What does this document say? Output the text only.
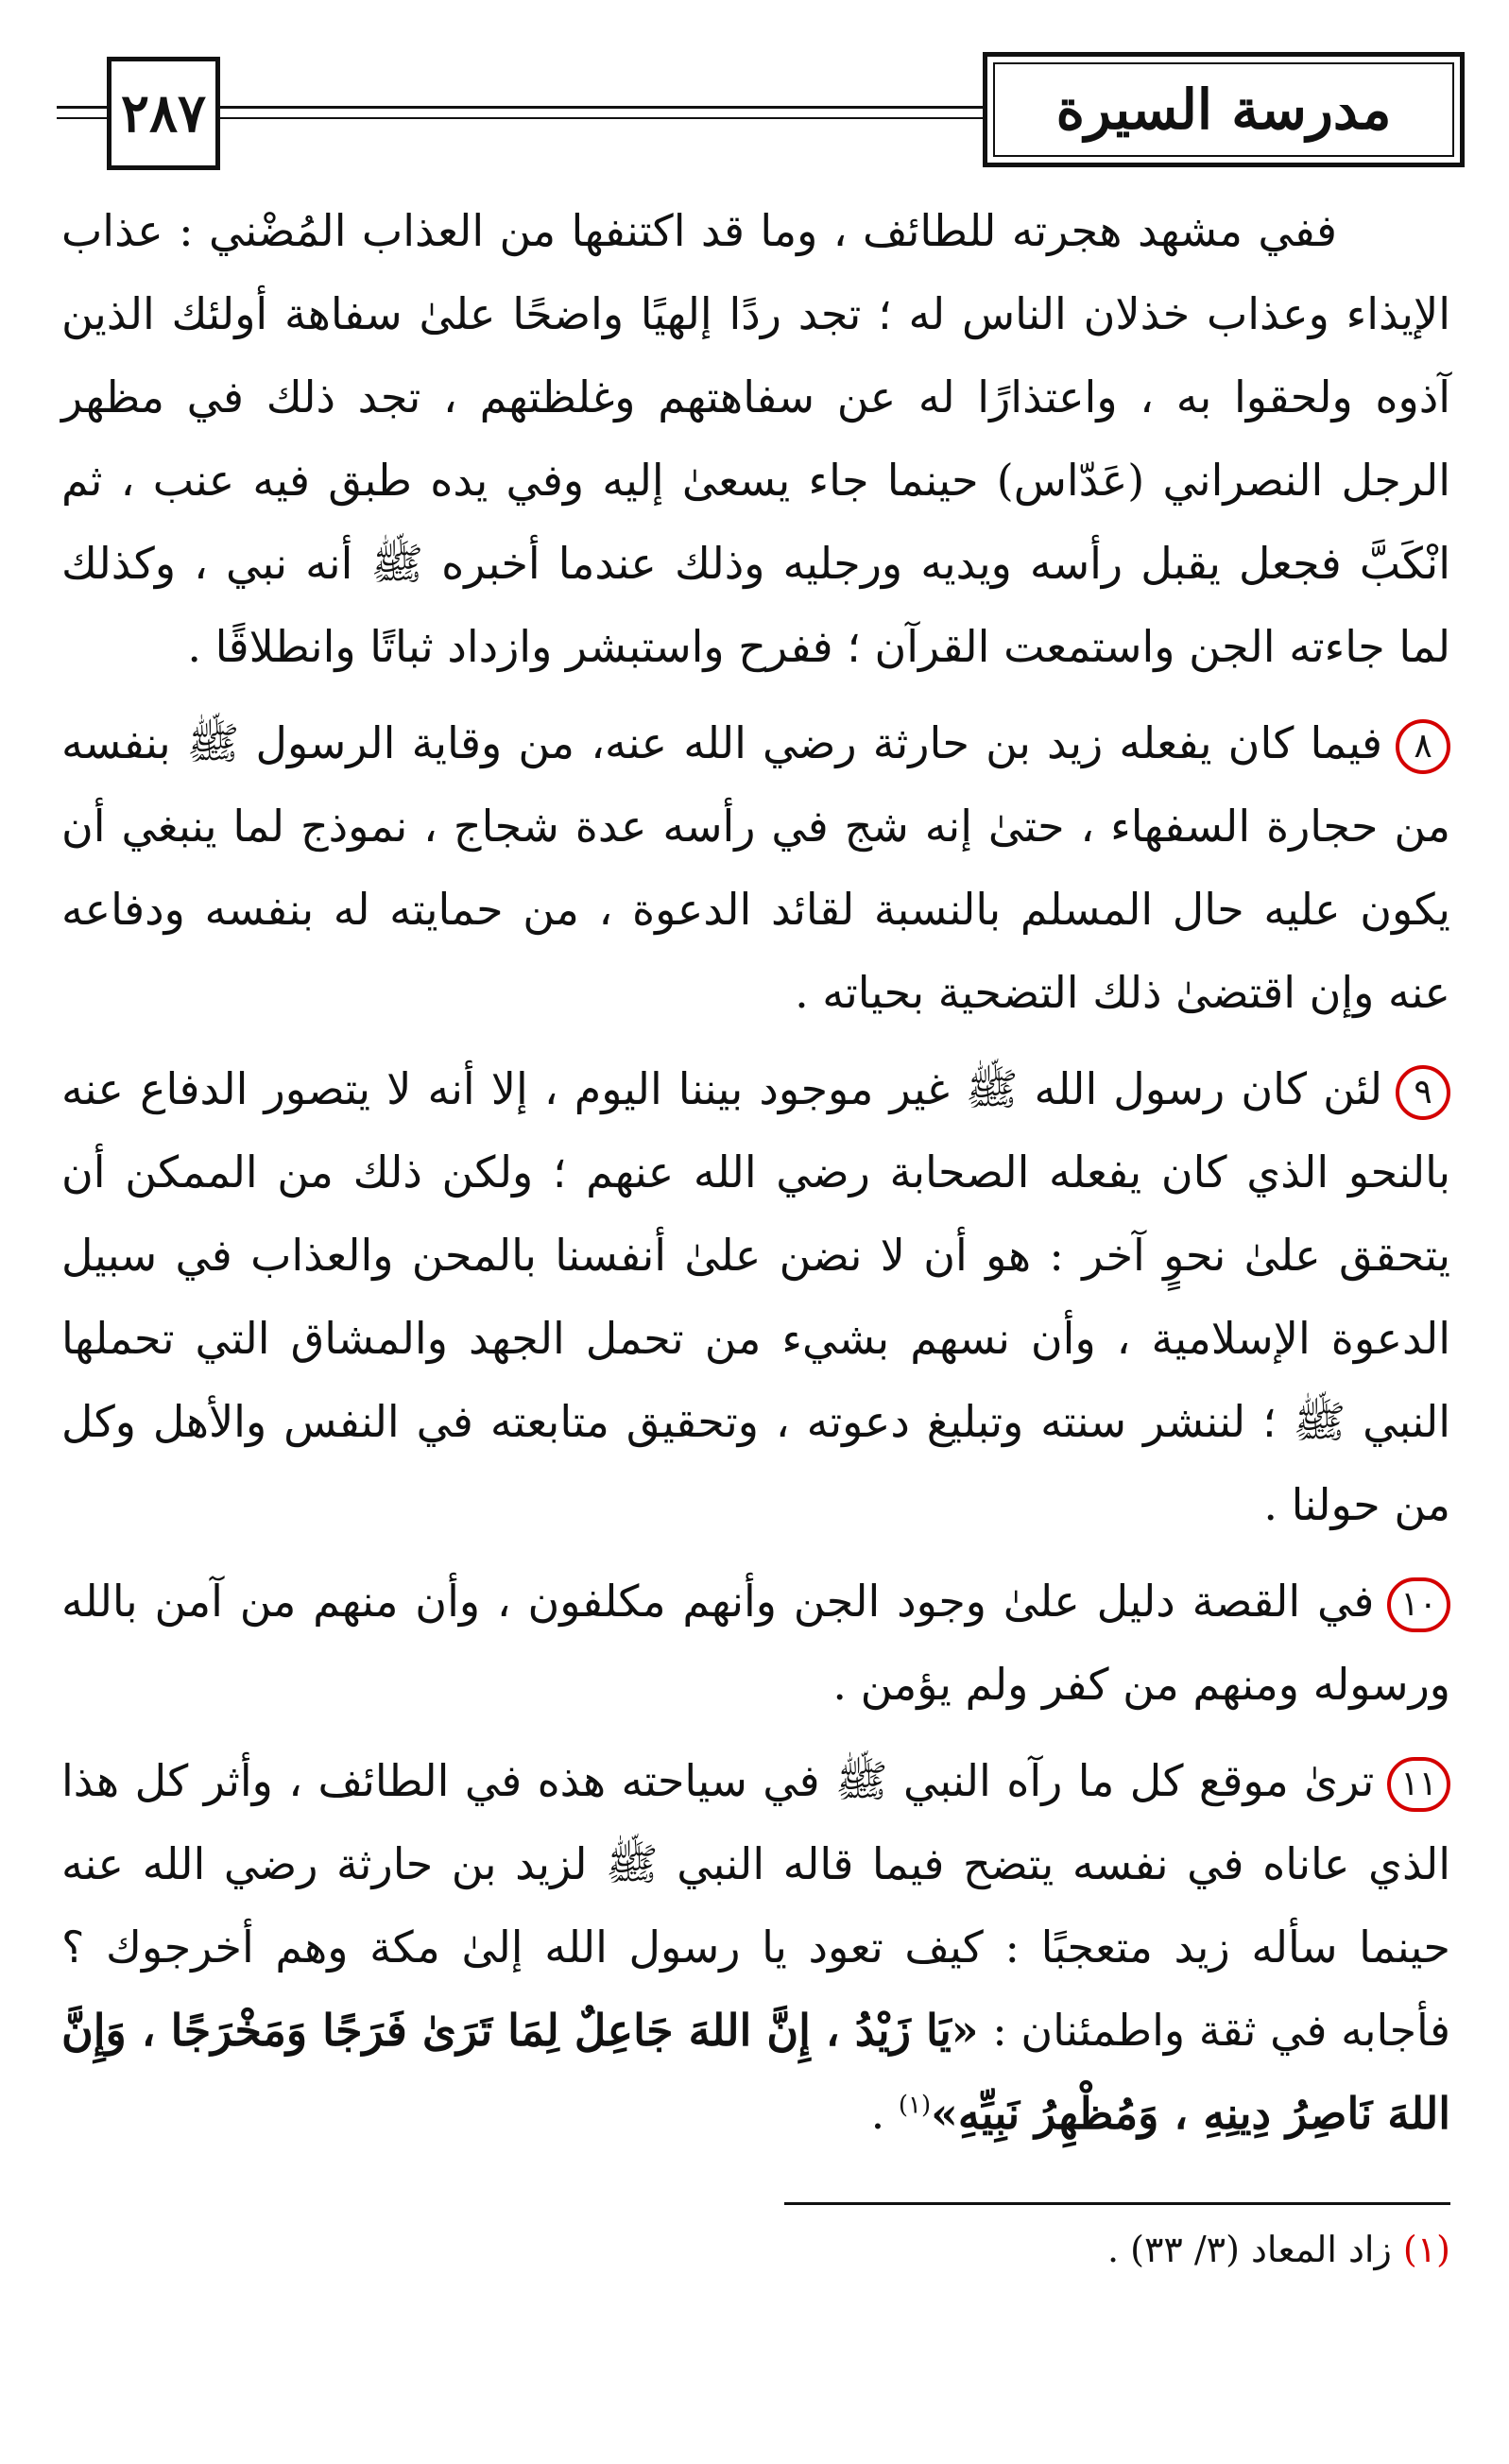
٢٨٧	مدرسة السيرة

ففي مشهد هجرته للطائف ، وما قد اكتنفها من العذاب المُضْني : عذاب الإيذاء وعذاب خذلان الناس له ؛ تجد ردًا إلهيًا واضحًا علىٰ سفاهة أولئك الذين آذوه ولحقوا به ، واعتذارًا له عن سفاهتهم وغلظتهم ، تجد ذلك في مظهر الرجل النصراني (عَدّاس) حينما جاء يسعىٰ إليه وفي يده طبق فيه عنب ، ثم انْكَبَّ فجعل يقبل رأسه ويديه ورجليه وذلك عندما أخبره ﷺ أنه نبي ، وكذلك لما جاءته الجن واستمعت القرآن ؛ ففرح واستبشر وازداد ثباتًا وانطلاقًا .

٨فيما كان يفعله زيد بن حارثة رضي الله عنه، من وقاية الرسول ﷺ بنفسه من حجارة السفهاء ، حتىٰ إنه شج في رأسه عدة شجاج ، نموذج لما ينبغي أن يكون عليه حال المسلم بالنسبة لقائد الدعوة ، من حمايته له بنفسه ودفاعه عنه وإن اقتضىٰ ذلك التضحية بحياته .

٩لئن كان رسول الله ﷺ غير موجود بيننا اليوم ، إلا أنه لا يتصور الدفاع عنه بالنحو الذي كان يفعله الصحابة رضي الله عنهم ؛ ولكن ذلك من الممكن أن يتحقق علىٰ نحوٍ آخر : هو أن لا نضن علىٰ أنفسنا بالمحن والعذاب في سبيل الدعوة الإسلامية ، وأن نسهم بشيء من تحمل الجهد والمشاق التي تحملها النبي ﷺ ؛ لننشر سنته وتبليغ دعوته ، وتحقيق متابعته في النفس والأهل وكل من حولنا .

١٠في القصة دليل علىٰ وجود الجن وأنهم مكلفون ، وأن منهم من آمن بالله ورسوله ومنهم من كفر ولم يؤمن .

١١ترىٰ موقع كل ما رآه النبي ﷺ في سياحته هذه في الطائف ، وأثر كل هذا الذي عاناه في نفسه يتضح فيما قاله النبي ﷺ لزيد بن حارثة رضي الله عنه حينما سأله زيد متعجبًا : كيف تعود يا رسول الله إلىٰ مكة وهم أخرجوك ؟ فأجابه في ثقة واطمئنان : «يَا زَيْدُ ، إِنَّ اللهَ جَاعِلٌ لِمَا تَرَىٰ فَرَجًا وَمَخْرَجًا ، وَإِنَّ اللهَ نَاصِرُ دِينِهِ ، وَمُظْهِرُ نَبِيِّهِ»$^{(١)}$ .

(١) زاد المعاد (٣/ ٣٣) .
